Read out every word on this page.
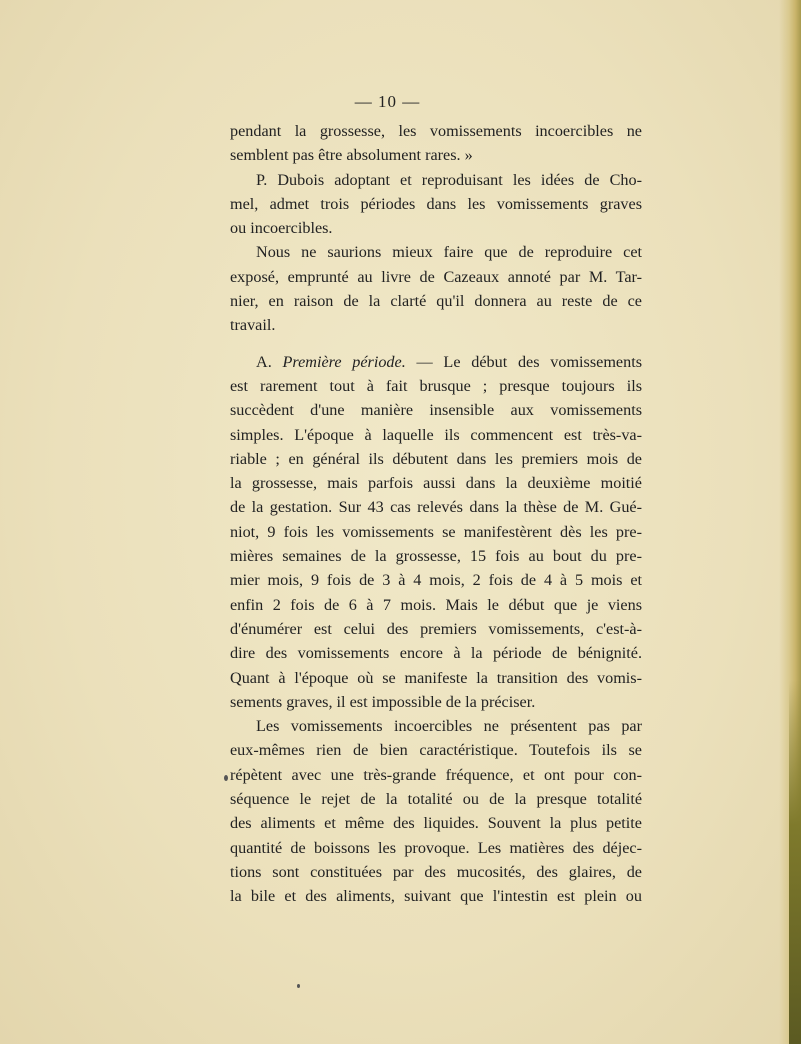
— 10 —
pendant la grossesse, les vomissements incoercibles ne
semblent pas être absolument rares. »
P. Dubois adoptant et reproduisant les idées de Cho-
mel, admet trois périodes dans les vomissements graves
ou incoercibles.
Nous ne saurions mieux faire que de reproduire cet
exposé, emprunté au livre de Cazeaux annoté par M. Tar-
nier, en raison de la clarté qu'il donnera au reste de ce
travail.
A. Première période. — Le début des vomissements
est rarement tout à fait brusque ; presque toujours ils
succèdent d'une manière insensible aux vomissements
simples. L'époque à laquelle ils commencent est très-va-
riable ; en général ils débutent dans les premiers mois de
la grossesse, mais parfois aussi dans la deuxième moitié
de la gestation. Sur 43 cas relevés dans la thèse de M. Gué-
niot, 9 fois les vomissements se manifestèrent dès les pre-
mières semaines de la grossesse, 15 fois au bout du pre-
mier mois, 9 fois de 3 à 4 mois, 2 fois de 4 à 5 mois et
enfin 2 fois de 6 à 7 mois. Mais le début que je viens
d'énumérer est celui des premiers vomissements, c'est-à-
dire des vomissements encore à la période de bénignité.
Quant à l'époque où se manifeste la transition des vomis-
sements graves, il est impossible de la préciser.
Les vomissements incoercibles ne présentent pas par
eux-mêmes rien de bien caractéristique. Toutefois ils se
répètent avec une très-grande fréquence, et ont pour con-
séquence le rejet de la totalité ou de la presque totalité
des aliments et même des liquides. Souvent la plus petite
quantité de boissons les provoque. Les matières des déjec-
tions sont constituées par des mucosités, des glaires, de
la bile et des aliments, suivant que l'intestin est plein ou
